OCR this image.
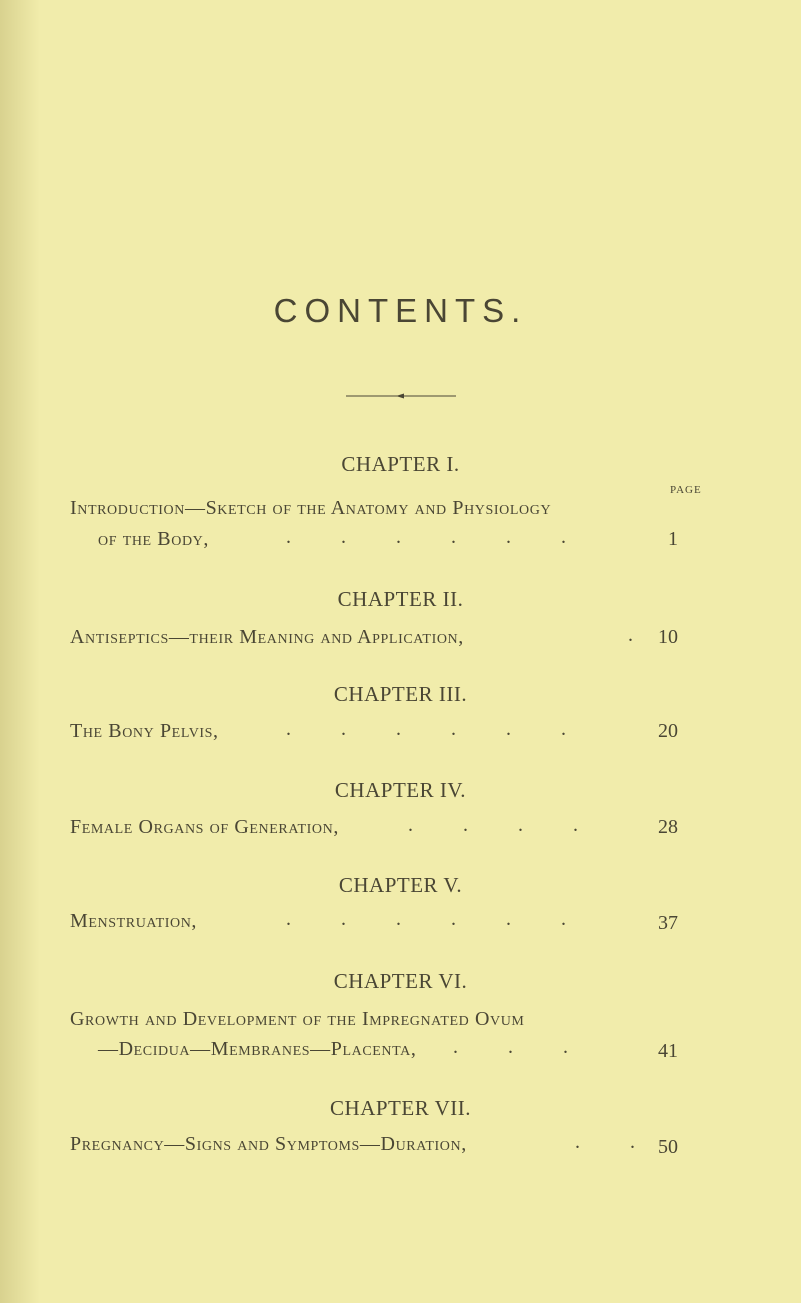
CONTENTS.
CHAPTER I.
PAGE
Introduction—Sketch of the Anatomy and Physiology
of the Body,	.          .          .          .          .          .	1
CHAPTER II.
Antiseptics—their Meaning and Application,	.	10
CHAPTER III.
The Bony Pelvis,	.          .          .          .          .          .	20
CHAPTER IV.
Female Organs of Generation,	.          .          .          .	28
CHAPTER V.
Menstruation,	.          .          .          .          .          .	37
CHAPTER VI.
Growth and Development of the Impregnated Ovum
—Decidua—Membranes—Placenta, .          .          .	41
CHAPTER VII.
Pregnancy—Signs and Symptoms—Duration,	.          .	50
